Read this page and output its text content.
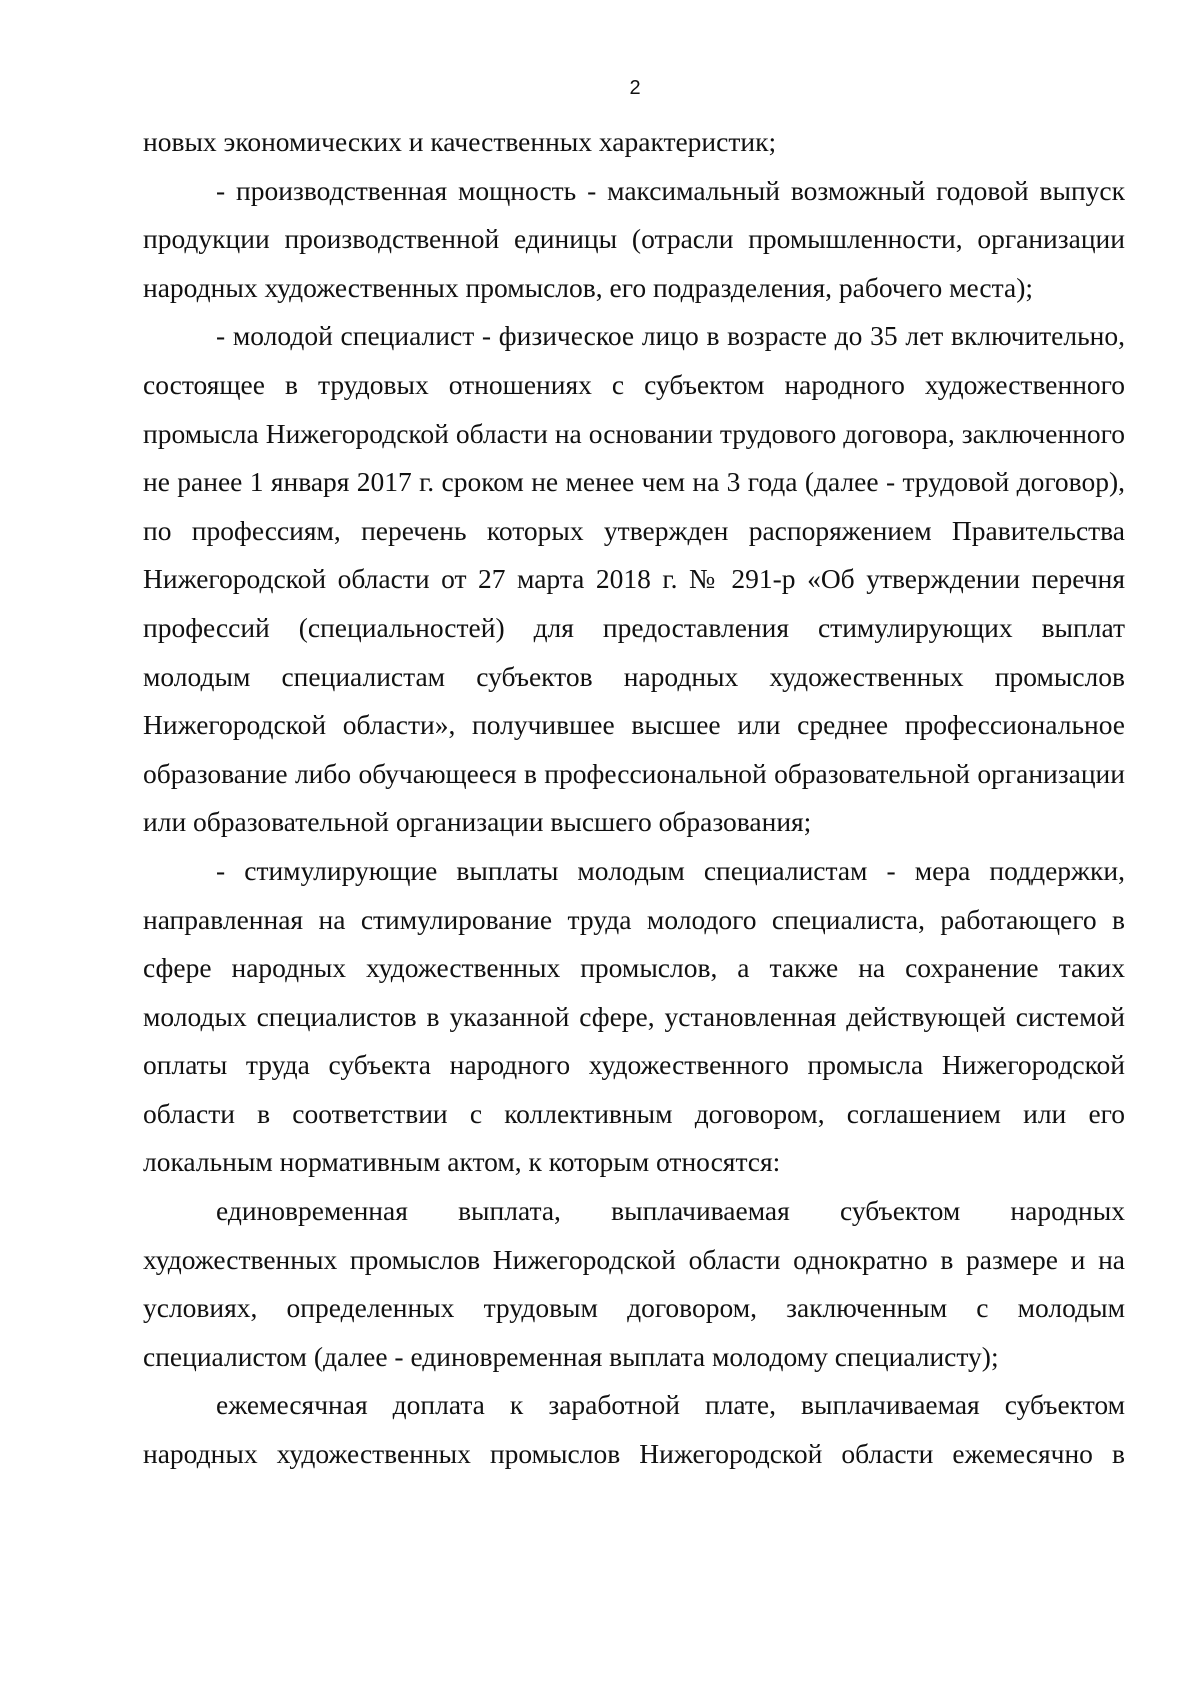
2

новых экономических и качественных характеристик;

- производственная мощность - максимальный возможный годовой выпуск продукции производственной единицы (отрасли промышленности, организации народных художественных промыслов, его подразделения, рабочего места);

- молодой специалист - физическое лицо в возрасте до 35 лет включительно, состоящее в трудовых отношениях с субъектом народного художественного промысла Нижегородской области на основании трудового договора, заключенного не ранее 1 января 2017 г. сроком не менее чем на 3 года (далее - трудовой договор), по профессиям, перечень которых утвержден распоряжением Правительства Нижегородской области от 27 марта 2018 г. № 291-р «Об утверждении перечня профессий (специальностей) для предоставления стимулирующих выплат молодым специалистам субъектов народных художественных промыслов Нижегородской области», получившее высшее или среднее профессиональное образование либо обучающееся в профессиональной образовательной организации или образовательной организации высшего образования;

- стимулирующие выплаты молодым специалистам - мера поддержки, направленная на стимулирование труда молодого специалиста, работающего в сфере народных художественных промыслов, а также на сохранение таких молодых специалистов в указанной сфере, установленная действующей системой оплаты труда субъекта народного художественного промысла Нижегородской области в соответствии с коллективным договором, соглашением или его локальным нормативным актом, к которым относятся:

единовременная выплата, выплачиваемая субъектом народных художественных промыслов Нижегородской области однократно в размере и на условиях, определенных трудовым договором, заключенным с молодым специалистом (далее - единовременная выплата молодому специалисту);

ежемесячная доплата к заработной плате, выплачиваемая субъектом народных художественных промыслов Нижегородской области ежемесячно в
